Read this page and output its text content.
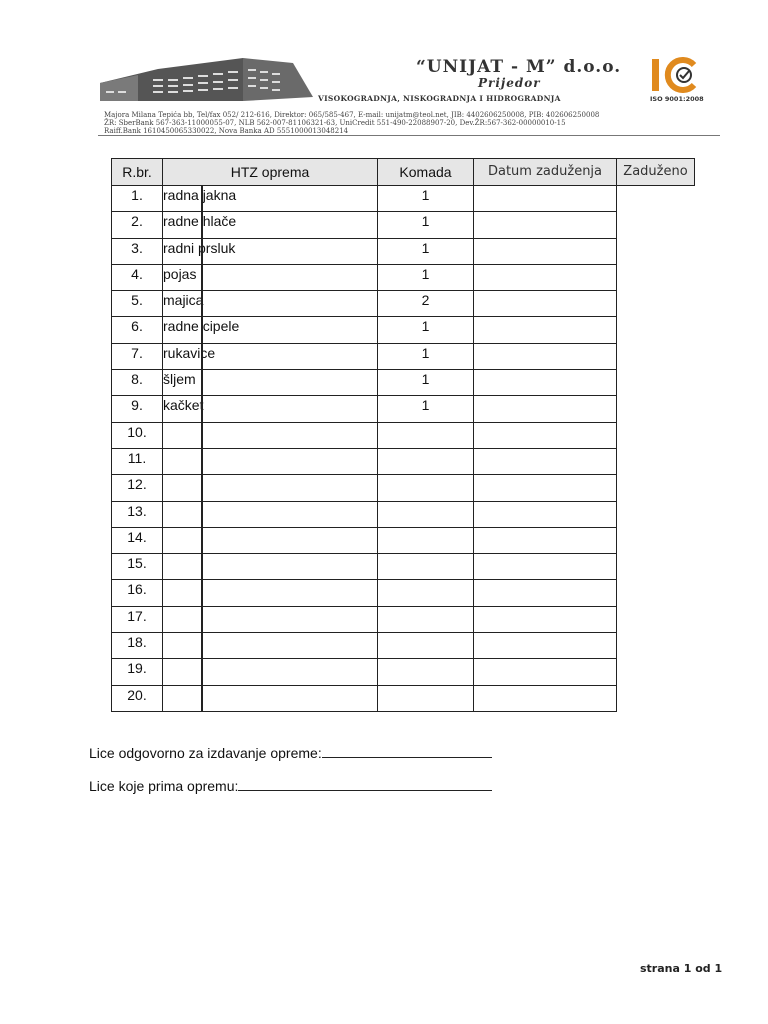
“UNIJAT - M” d.o.o.
Prijedor
VISOKOGRADNJA, NISKOGRADNJA I HIDROGRADNJA	ISO 9001:2008
Majora Milana Tepića bb, Tel/fax 052/ 212-616, Direktor: 065/585-467, E-mail: unijatm@teol.net, JIB: 4402606250008, PIB: 402606250008
ŽR: SberBank 567-363-11000055-07, NLB 562-007-81106321-63, UniCredit 551-490-22088907-20, Dev.ŽR:567-362-00000010-15
Raiff.Bank 1610450065330022, Nova Banka AD 5551000013048214
R.br.	HTZ oprema	Komada	Datum zaduženja	Zaduženo
1.	radna jakna	1		

2.	radne hlače	1		

3.	radni prsluk	1		

4.	pojas	1		

5.	majica	2		

6.	radne cipele	1		

7.	rukavice	1		

8.	šljem	1		

9.	kačket	1		

10.				

11.				

12.				

13.				

14.				

15.				

16.				

17.				

18.				

19.				

20.				
Lice odgovorno za izdavanje opreme:
Lice koje prima opremu:
strana 1 od 1
